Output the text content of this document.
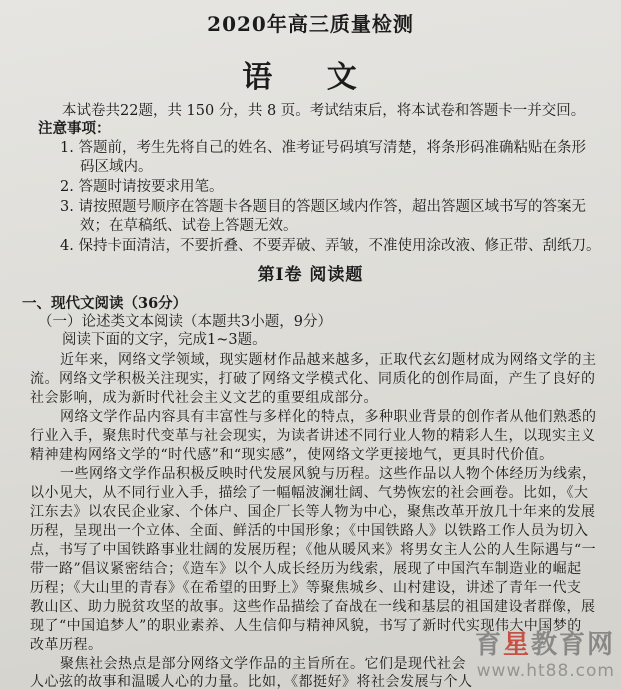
2020年高三质量检测
语 文
本试卷共22题，共 150 分，共 8 页。考试结束后，将本试卷和答题卡一并交回。
注意事项：
1. 答题前，考生先将自己的姓名、准考证号码填写清楚，将条形码准确粘贴在条形
码区域内。
2. 答题时请按要求用笔。
3. 请按照题号顺序在答题卡各题目的答题区域内作答，超出答题区域书写的答案无
效；在草稿纸、试卷上答题无效。
4. 保持卡面清洁，不要折叠、不要弄破、弄皱，不准使用涂改液、修正带、刮纸刀。
第Ⅰ卷 阅读题
一、现代文阅读（36分）
（一）论述类文本阅读（本题共3小题，9分）
阅读下面的文字，完成1~3题。
近年来，网络文学领域，现实题材作品越来越多，正取代玄幻题材成为网络文学的主
流。网络文学积极关注现实，打破了网络文学模式化、同质化的创作局面，产生了良好的
社会影响，成为新时代社会主义文艺的重要组成部分。
网络文学作品内容具有丰富性与多样化的特点，多种职业背景的创作者从他们熟悉的
行业入手，聚焦时代变革与社会现实，为读者讲述不同行业人物的精彩人生，以现实主义
精神建构网络文学的“时代感”和“现实感”，使网络文学更接地气，更具时代价值。
一些网络文学作品积极反映时代发展风貌与历程。这些作品以人物个体经历为线索，
以小见大，从不同行业入手，描绘了一幅幅波澜壮阔、气势恢宏的社会画卷。比如，《大
江东去》以农民企业家、个体户、国企厂长等人物为中心，聚焦改革开放几十年来的发展
历程，呈现出一个立体、全面、鲜活的中国形象；《中国铁路人》以铁路工作人员为切入
点，书写了中国铁路事业壮阔的发展历程；《他从暖风来》将男女主人公的人生际遇与“一
带一路”倡议紧密结合；《造车》以个人成长经历为线索，展现了中国汽车制造业的崛起
历程；《大山里的青春》《在希望的田野上》等聚焦城乡、山村建设，讲述了青年一代支
教山区、助力脱贫攻坚的故事。这些作品描绘了奋战在一线和基层的祖国建设者群像，展
现了“中国追梦人”的职业素养、人生信仰与精神风貌，书写了新时代实现伟大中国梦的
改革历程。
聚焦社会热点是部分网络文学作品的主旨所在。它们是现代社会
人心弦的故事和温暖人心的力量。比如，《都挺好》将社会发展与个人
育星教育网
www.ht88.com
